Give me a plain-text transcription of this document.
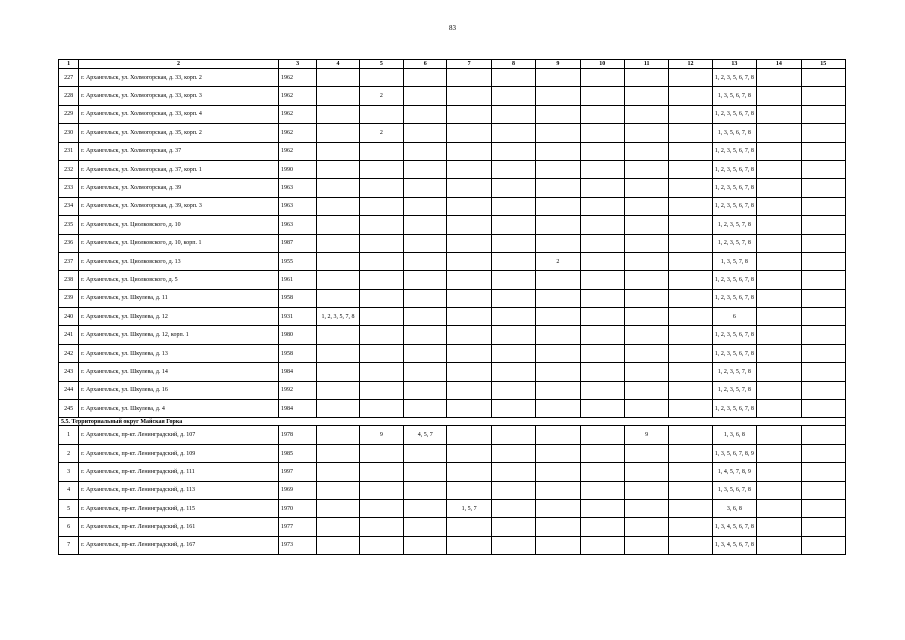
83
1	2	3	4	5	6	7	8	9	10	11	12	13	14	15
227	г. Архангельск, ул. Холмогорская, д. 33, корп. 2	1962										1, 2, 3, 5, 6, 7, 8		
228	г. Архангельск, ул. Холмогорская, д. 33, корп. 3	1962		2								1, 3, 5, 6, 7, 8		
229	г. Архангельск, ул. Холмогорская, д. 33, корп. 4	1962										1, 2, 3, 5, 6, 7, 8		
230	г. Архангельск, ул. Холмогорская, д. 35, корп. 2	1962		2								1, 3, 5, 6, 7, 8		
231	г. Архангельск, ул. Холмогорская, д. 37	1962										1, 2, 3, 5, 6, 7, 8		
232	г. Архангельск, ул. Холмогорская, д. 37, корп. 1	1990										1, 2, 3, 5, 6, 7, 8		
233	г. Архангельск, ул. Холмогорская, д. 39	1963										1, 2, 3, 5, 6, 7, 8		
234	г. Архангельск, ул. Холмогорская, д. 39, корп. 3	1963										1, 2, 3, 5, 6, 7, 8		
235	г. Архангельск, ул. Циолковского, д. 10	1963										1, 2, 3, 5, 7, 8		
236	г. Архангельск, ул. Циолковского, д. 10, корп. 1	1987										1, 2, 3, 5, 7, 8		
237	г. Архангельск, ул. Циолковского, д. 13	1955						2				1, 3, 5, 7, 8		
238	г. Архангельск, ул. Циолковского, д. 5	1961										1, 2, 3, 5, 6, 7, 8		
239	г. Архангельск, ул. Шкулева, д. 11	1958										1, 2, 3, 5, 6, 7, 8		
240	г. Архангельск, ул. Шкулева, д. 12	1931	1, 2, 3, 5, 7, 8									6		
241	г. Архангельск, ул. Шкулева, д. 12, корп. 1	1980										1, 2, 3, 5, 6, 7, 8		
242	г. Архангельск, ул. Шкулева, д. 13	1958										1, 2, 3, 5, 6, 7, 8		
243	г. Архангельск, ул. Шкулева, д. 14	1984										1, 2, 3, 5, 7, 8		
244	г. Архангельск, ул. Шкулева, д. 16	1992										1, 2, 3, 5, 7, 8		
245	г. Архангельск, ул. Шкулева, д. 4	1984										1, 2, 3, 5, 6, 7, 8		
5.5. Территориальный округ Майская Горка														
1	г. Архангельск, пр-кт. Ленинградский, д. 107	1978		9	4, 5, 7					9		1, 3, 6, 8		
2	г. Архангельск, пр-кт. Ленинградский, д. 109	1985										1, 3, 5, 6, 7, 8, 9		
3	г. Архангельск, пр-кт. Ленинградский, д. 111	1997										1, 4, 5, 7, 8, 9		
4	г. Архангельск, пр-кт. Ленинградский, д. 113	1969										1, 3, 5, 6, 7, 8		
5	г. Архангельск, пр-кт. Ленинградский, д. 115	1970				1, 5, 7						3, 6, 8		
6	г. Архангельск, пр-кт. Ленинградский, д. 161	1977										1, 3, 4, 5, 6, 7, 8		
7	г. Архангельск, пр-кт. Ленинградский, д. 167	1973										1, 3, 4, 5, 6, 7, 8		
